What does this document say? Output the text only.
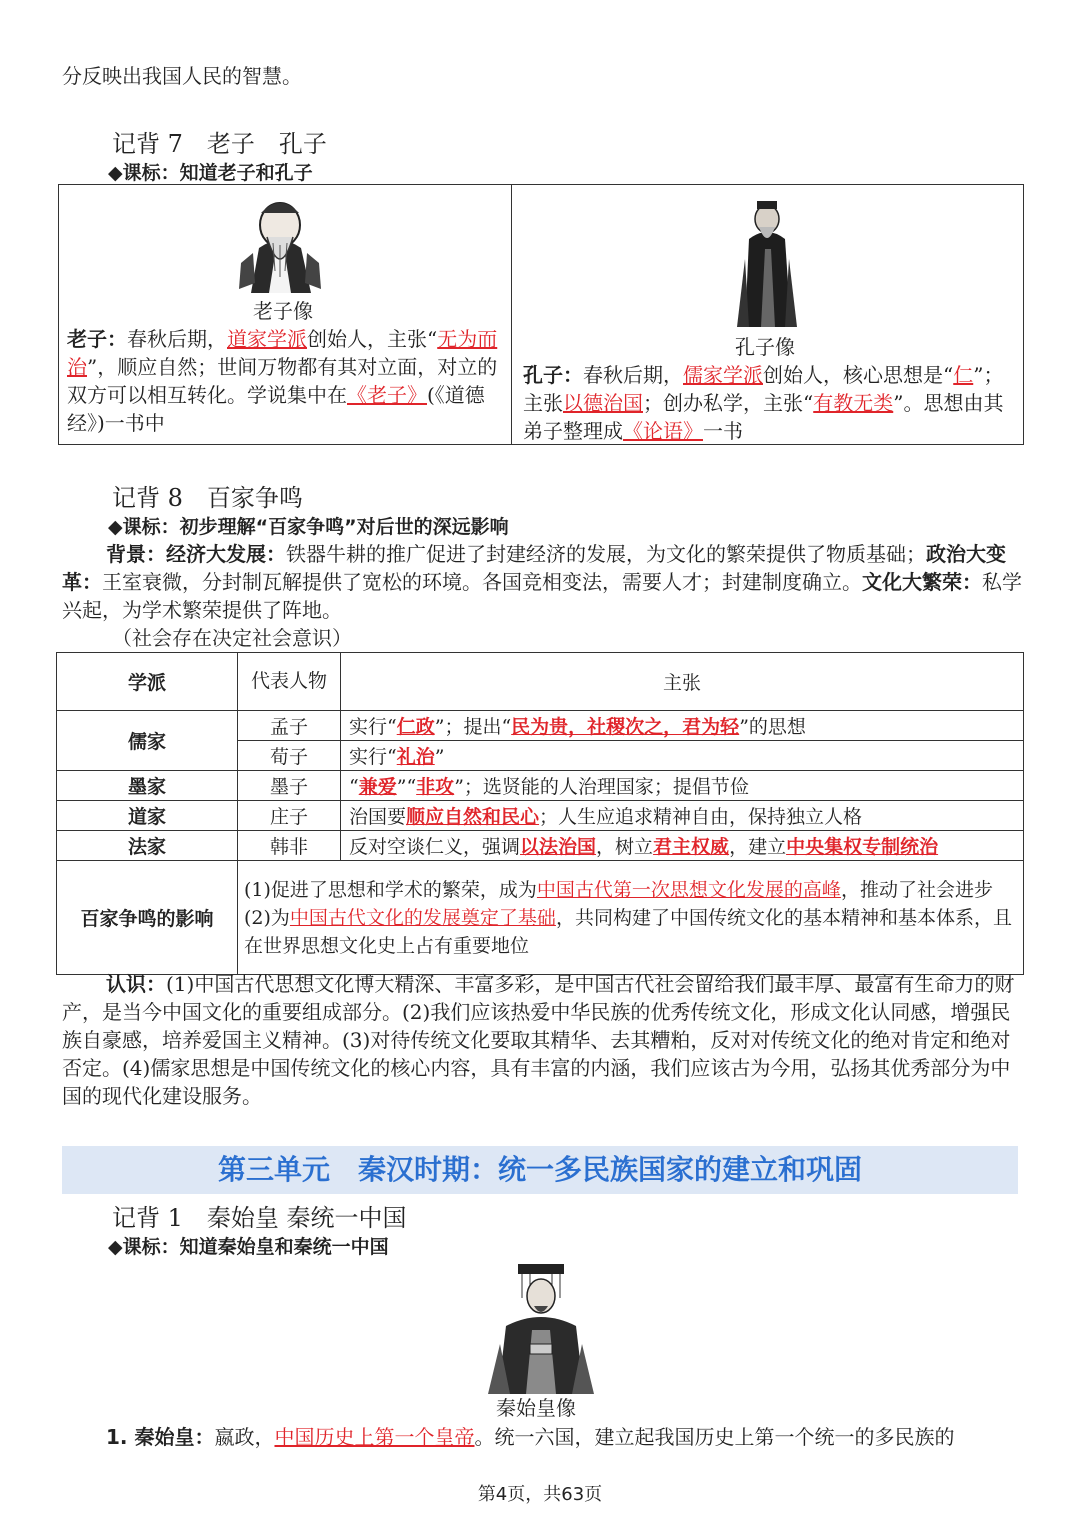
分反映出我国人民的智慧。
记背 7　老子　孔子
◆课标：知道老子和孔子
老子像
老子：春秋后期，道家学派创始人，主张“无为而治”，顺应自然；世间万物都有其对立面，对立的双方可以相互转化。学说集中在《老子》(《道德经》)一书中
孔子像
孔子：春秋后期，儒家学派创始人，核心思想是“仁”；主张以德治国；创办私学，主张“有教无类”。思想由其弟子整理成《论语》一书
记背 8　百家争鸣
◆课标：初步理解“百家争鸣”对后世的深远影响
背景：经济大发展：铁器牛耕的推广促进了封建经济的发展，为文化的繁荣提供了物质基础；政治大变革：王室衰微，分封制瓦解提供了宽松的环境。各国竞相变法，需要人才；封建制度确立。文化大繁荣：私学兴起，为学术繁荣提供了阵地。
（社会存在决定社会意识）
学派	代表人物	主张
儒家	孟子	实行“仁政”；提出“民为贵，社稷次之，君为轻”的思想
	荀子	实行“礼治”
墨家	墨子	“兼爱”“非攻”；选贤能的人治理国家；提倡节俭
道家	庄子	治国要顺应自然和民心；人生应追求精神自由，保持独立人格
法家	韩非	反对空谈仁义，强调以法治国，树立君主权威，建立中央集权专制统治
百家争鸣的影响	(1)促进了思想和学术的繁荣，成为中国古代第一次思想文化发展的高峰，推动了社会进步
(2)为中国古代文化的发展奠定了基础，共同构建了中国传统文化的基本精神和基本体系，且在世界思想文化史上占有重要地位	
认识：(1)中国古代思想文化博大精深、丰富多彩，是中国古代社会留给我们最丰厚、最富有生命力的财产，是当今中国文化的重要组成部分。(2)我们应该热爱中华民族的优秀传统文化，形成文化认同感，增强民族自豪感，培养爱国主义精神。(3)对待传统文化要取其精华、去其糟粕，反对对传统文化的绝对肯定和绝对否定。(4)儒家思想是中国传统文化的核心内容，具有丰富的内涵，我们应该古为今用，弘扬其优秀部分为中国的现代化建设服务。
第三单元　秦汉时期：统一多民族国家的建立和巩固
记背 1　秦始皇 秦统一中国
◆课标：知道秦始皇和秦统一中国
秦始皇像
1. 秦始皇：嬴政，中国历史上第一个皇帝。统一六国，建立起我国历史上第一个统一的多民族的
第4页，共63页
